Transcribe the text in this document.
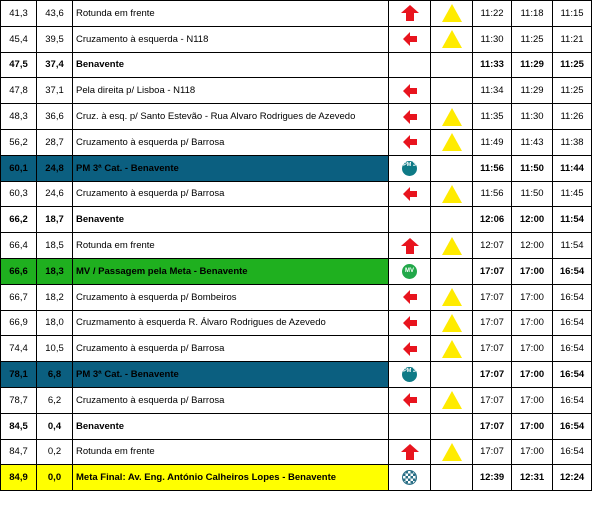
41,3	43,6	Rotunda em frente			11:22	11:18	11:15
45,4	39,5	Cruzamento à esquerda - N118			11:30	11:25	11:21
47,5	37,4	Benavente			11:33	11:29	11:25
47,8	37,1	Pela direita p/ Lisboa - N118			11:34	11:29	11:25
48,3	36,6	Cruz. à esq. p/ Santo Estevão - Rua Alvaro Rodrigues de Azevedo			11:35	11:30	11:26
56,2	28,7	Cruzamento à esquerda p/ Barrosa			11:49	11:43	11:38
60,1	24,8	PM 3ª Cat. - Benavente	PM 3		11:56	11:50	11:44
60,3	24,6	Cruzamento à esquerda p/ Barrosa			11:56	11:50	11:45
66,2	18,7	Benavente			12:06	12:00	11:54
66,4	18,5	Rotunda em frente			12:07	12:00	11:54
66,6	18,3	MV / Passagem pela Meta - Benavente	MV		17:07	17:00	16:54
66,7	18,2	Cruzamento à esquerda p/ Bombeiros			17:07	17:00	16:54
66,9	18,0	Cruzmamento à esquerda R. Álvaro Rodrigues de Azevedo			17:07	17:00	16:54
74,4	10,5	Cruzamento à esquerda p/ Barrosa			17:07	17:00	16:54
78,1	6,8	PM 3ª Cat. - Benavente	PM 3		17:07	17:00	16:54
78,7	6,2	Cruzamento à esquerda p/ Barrosa			17:07	17:00	16:54
84,5	0,4	Benavente			17:07	17:00	16:54
84,7	0,2	Rotunda em frente			17:07	17:00	16:54
84,9	0,0	Meta Final: Av. Eng. António Calheiros Lopes - Benavente			12:39	12:31	12:24
